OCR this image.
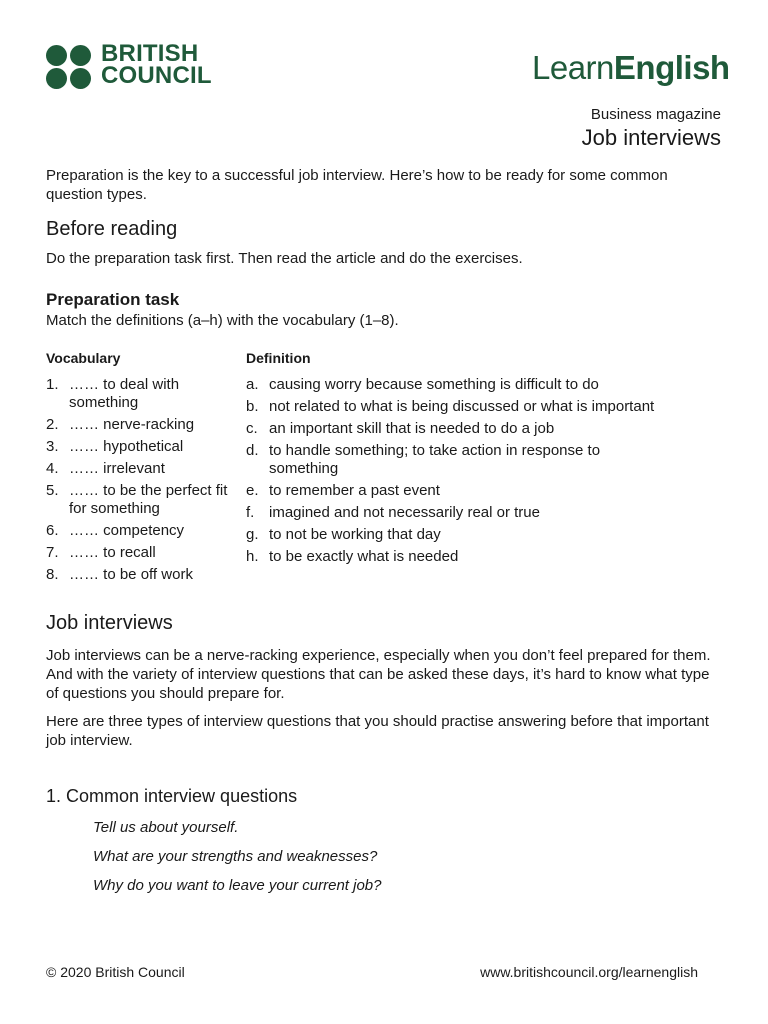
BRITISH
COUNCIL	LearnEnglish
Business magazine
Job interviews

Preparation is the key to a successful job interview. Here’s how to be ready for some common question types.

Before reading

Do the preparation task first. Then read the article and do the exercises.

Preparation task

Match the definitions (a–h) with the vocabulary (1–8).

Vocabulary	Definition
1. …… to deal with something
2. …… nerve-racking
3. …… hypothetical
4. …… irrelevant
5. …… to be the perfect fit for something
6. …… competency
7. …… to recall
8. …… to be off work
a. causing worry because something is difficult to do
b. not related to what is being discussed or what is important
c. an important skill that is needed to do a job
d. to handle something; to take action in response to something
e. to remember a past event
f. imagined and not necessarily real or true
g. to not be working that day
h. to be exactly what is needed
Job interviews

Job interviews can be a nerve-racking experience, especially when you don’t feel prepared for them. And with the variety of interview questions that can be asked these days, it’s hard to know what type of questions you should prepare for.

Here are three types of interview questions that you should practise answering before that important job interview.

1. Common interview questions

Tell us about yourself.

What are your strengths and weaknesses?

Why do you want to leave your current job?

© 2020 British Council	www.britishcouncil.org/learnenglish
